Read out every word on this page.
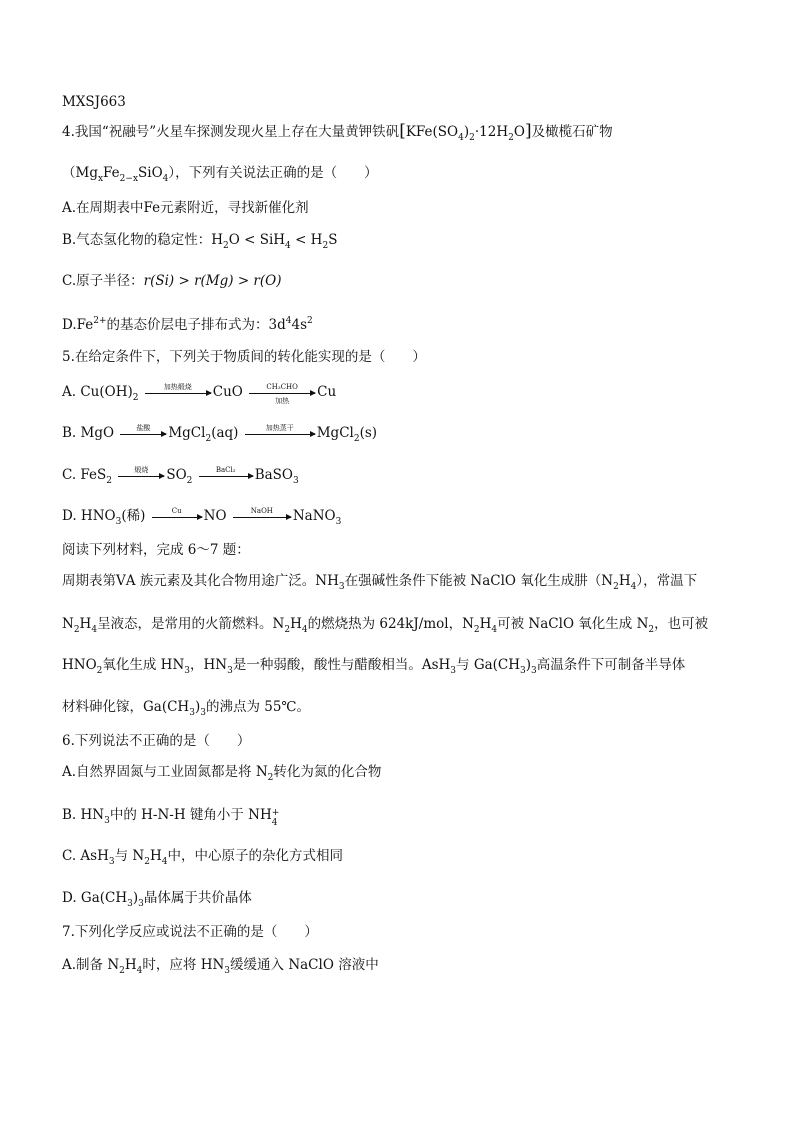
MXSJ663
4.我国“祝融号”火星车探测发现火星上存在大量黄钾铁矾$[KFe(SO_4)_2\cdot 12H_2O]$及橄榄石矿物
$(Mg_xFe_{2-x}SiO_4)$，下列有关说法正确的是（　　）
A.在周期表中Fe元素附近，寻找新催化剂
B.气态氢化物的稳定性：$H_2O < SiH_4 < H_2S$
C.原子半径：r(Si) > r(Mg) > r(O)
$D.Fe^{2+}$的基态价层电子排布式为：$3d^44s^2$
5.在给定条件下，下列关于物质间的转化能实现的是（　　）
A. $Cu(OH)_2$
加热煅烧	CuO	CH₃CHO
加热
Cu
B. MgO	盐酸	MgCl$_2$(aq)	加热蒸干	MgCl$_2$(s)
C. FeS$_2$
煅烧	$SO_2$
BaCl₂	BaSO$_3$
D. $HNO_3$(稀)	Cu	NO	NaOH	NaNO$_3$
阅读下列材料，完成 6～7 题：
周期表第ⅤA 族元素及其化合物用途广泛。$NH_3$在强碱性条件下能被 NaClO 氧化生成肼$(N_2H_4)$，常温下
$N_2H_4$呈液态，是常用的火箭燃料。$N_2H_4$的燃烧热为 624kJ/mol，$N_2H_4$可被 NaClO 氧化生成 $N_2$，也可被
$HNO_2$氧化生成 $HN_3$，$HN_3$是一种弱酸，酸性与醋酸相当。AsH$_3$与 $Ga(CH_3)_3$高温条件下可制备半导体
材料砷化镓，$Ga(CH_3)_3$的沸点为 55℃。
6.下列说法不正确的是（　　）
A.自然界固氮与工业固氮都是将 $N_2$转化为氮的化合物
B. $HN_3$中的 H-N-H 键角小于 NH +
4
C. AsH$_3$与 $N_2H_4$中，中心原子的杂化方式相同
D. $Ga(CH_3)_3$晶体属于共价晶体
7.下列化学反应或说法不正确的是（　　）
A.制备 $N_2H_4$时，应将 $HN_3$缓缓通入 NaClO 溶液中
